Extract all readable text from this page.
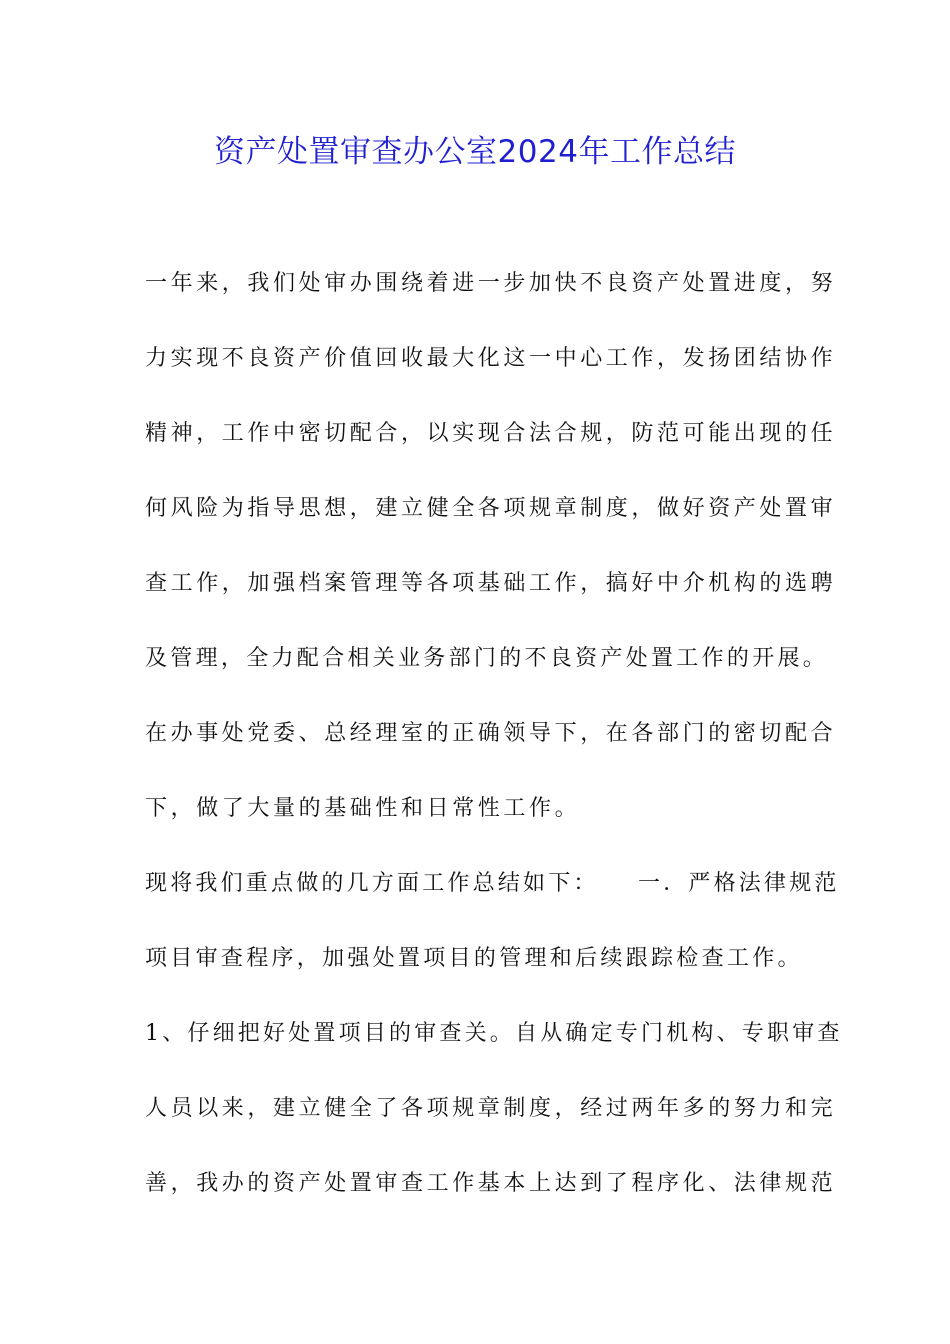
资产处置审查办公室2024年工作总结
一年来，我们处审办围绕着进一步加快不良资产处置进度，努
力实现不良资产价值回收最大化这一中心工作，发扬团结协作
精神，工作中密切配合，以实现合法合规，防范可能出现的任
何风险为指导思想，建立健全各项规章制度，做好资产处置审
查工作，加强档案管理等各项基础工作，搞好中介机构的选聘
及管理，全力配合相关业务部门的不良资产处置工作的开展。
在办事处党委、总经理室的正确领导下，在各部门的密切配合
下，做了大量的基础性和日常性工作。
现将我们重点做的几方面工作总结如下：　　一．严格法律规范
项目审查程序，加强处置项目的管理和后续跟踪检查工作。
1、仔细把好处置项目的审查关。自从确定专门机构、专职审查
人员以来，建立健全了各项规章制度，经过两年多的努力和完
善，我办的资产处置审查工作基本上达到了程序化、法律规范
